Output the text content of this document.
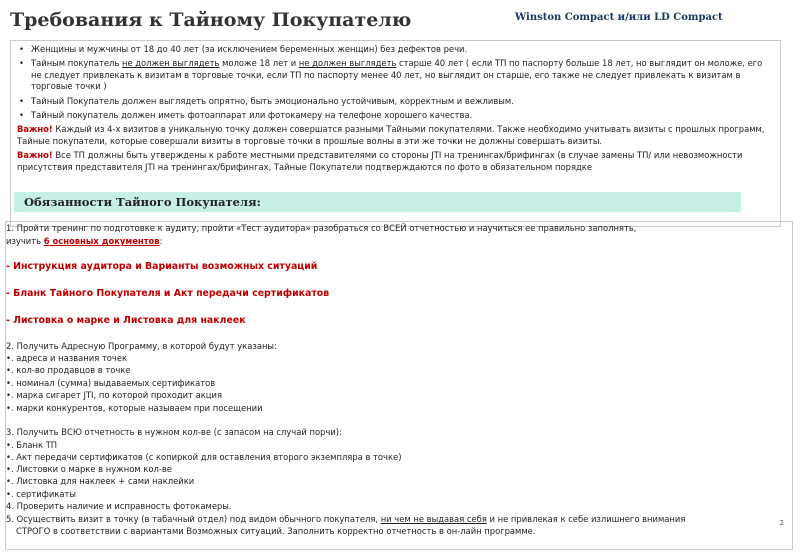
Требования к Тайному Покупателю	Winston Compact и/или LD Compact
• Женщины и мужчины от 18 до 40 лет (за исключением беременных женщин) без дефектов речи.
• Тайным покупатель не должен выглядеть моложе 18 лет и не должен выглядеть старше 40 лет ( если ТП по паспорту больше 18 лет, но выглядит он моложе, его не следует привлекать к визитам в торговые точки, если ТП по паспорту менее 40 лет, но выглядит он старше, его также не следует привлекать к визитам в торговые точки )
• Тайный Покупатель должен выглядеть опрятно, быть эмоционально устойчивым, корректным и вежливым.
• Тайный покупатель должен иметь фотоаппарат или фотокамеру на телефоне хорошего качества.

Важно! Каждый из 4-х визитов в уникальную точку должен совершатся разными Тайными покупателями. Также необходимо учитывать визиты с прошлых программ, Тайные покупатели, которые совершали визиты в торговые точки в прошлые волны в эти же точки не должны совершать визиты.

Важно! Все ТП должны быть утверждены к работе местными представителями со стороны JTI на тренингах/брифингах (в случае замены ТП/ или невозможности присутствия представителя JTI на тренингах/брифингах, Тайные Покупатели подтверждаются по фото в обязательном порядке

Обязанности Тайного Покупателя:
1. Пройти тренинг по подготовке к аудиту, пройти «Тест аудитора» разобраться со ВСЕЙ отчетностью и научиться ее правильно заполнять,
изучить 6 основных документов:
- Инструкция аудитора и Варианты возможных ситуаций
- Бланк Тайного Покупателя и Акт передачи сертификатов
- Листовка о марке и Листовка для наклеек
2. Получить Адресную Программу, в которой будут указаны:
•. адреса и названия точек
•. кол-во продавцов в точке
•. номинал (сумма) выдаваемых сертификатов
•. марка сигарет JTI, по которой проходит акция
•. марки конкурентов, которые называем при посещении
3. Получить ВСЮ отчетность в нужном кол-ве (с запасом на случай порчи):
•. Бланк ТП
•. Акт передачи сертификатов (с копиркой для оставления второго экземпляра в точке)
•. Листовки о марке в нужном кол-ве
•. Листовка для наклеек + сами наклейки
•. сертификаты
4. Проверить наличие и исправность фотокамеры.
5. Осуществить визит в точку (в табачный отдел) под видом обычного покупателя, ни чем не выдавая себя и не привлекая к себе излишнего внимания
СТРОГО в соответствии с вариантами Возможных ситуаций. Заполнить корректно отчетность в он-лайн программе.
2
